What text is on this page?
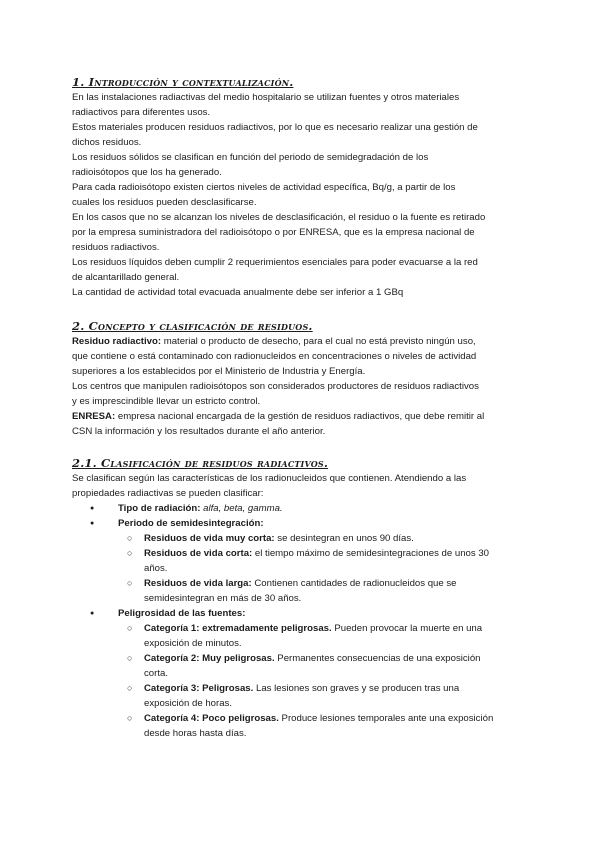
1. Introducción y contextualización.

En las instalaciones radiactivas del medio hospitalario se utilizan fuentes y otros materiales

radiactivos para diferentes usos.

Estos materiales producen residuos radiactivos, por lo que es necesario realizar una gestión de

dichos residuos.

Los residuos sólidos se clasifican en función del periodo de semidegradación de los

radioisótopos que los ha generado.

Para cada radioisótopo existen ciertos niveles de actividad específica, Bq/g, a partir de los

cuales los residuos pueden desclasificarse.

En los casos que no se alcanzan los niveles de desclasificación, el residuo o la fuente es retirado

por la empresa suministradora del radioisótopo o por ENRESA, que es la empresa nacional de

residuos radiactivos.

Los residuos líquidos deben cumplir 2 requerimientos esenciales para poder evacuarse a la red

de alcantarillado general.

La cantidad de actividad total evacuada anualmente debe ser inferior a 1 GBq

2. Concepto y clasificación de residuos.

Residuo radiactivo: material o producto de desecho, para el cual no está previsto ningún uso,

que contiene o está contaminado con radionucleidos en concentraciones o niveles de actividad

superiores a los establecidos por el Ministerio de Industria y Energía.

Los centros que manipulen radioisótopos son considerados productores de residuos radiactivos

y es imprescindible llevar un estricto control.

ENRESA: empresa nacional encargada de la gestión de residuos radiactivos, que debe remitir al

CSN la información y los resultados durante el año anterior.

2.1. Clasificación de residuos radiactivos.

Se clasifican según las características de los radionucleidos que contienen. Atendiendo a las

propiedades radiactivas se pueden clasificar:

● Tipo de radiación: alfa, beta, gamma.
● Periodo de semidesintegración:
○ Residuos de vida muy corta: se desintegran en unos 90 días.
○ Residuos de vida corta: el tiempo máximo de semidesintegraciones de unos 30
años.
○ Residuos de vida larga: Contienen cantidades de radionucleidos que se
semidesintegran en más de 30 años.
● Peligrosidad de las fuentes:
○ Categoría 1: extremadamente peligrosas. Pueden provocar la muerte en una
exposición de minutos.
○ Categoría 2: Muy peligrosas. Permanentes consecuencias de una exposición
corta.
○ Categoría 3: Peligrosas. Las lesiones son graves y se producen tras una
exposición de horas.
○ Categoría 4: Poco peligrosas. Produce lesiones temporales ante una exposición
desde horas hasta días.
